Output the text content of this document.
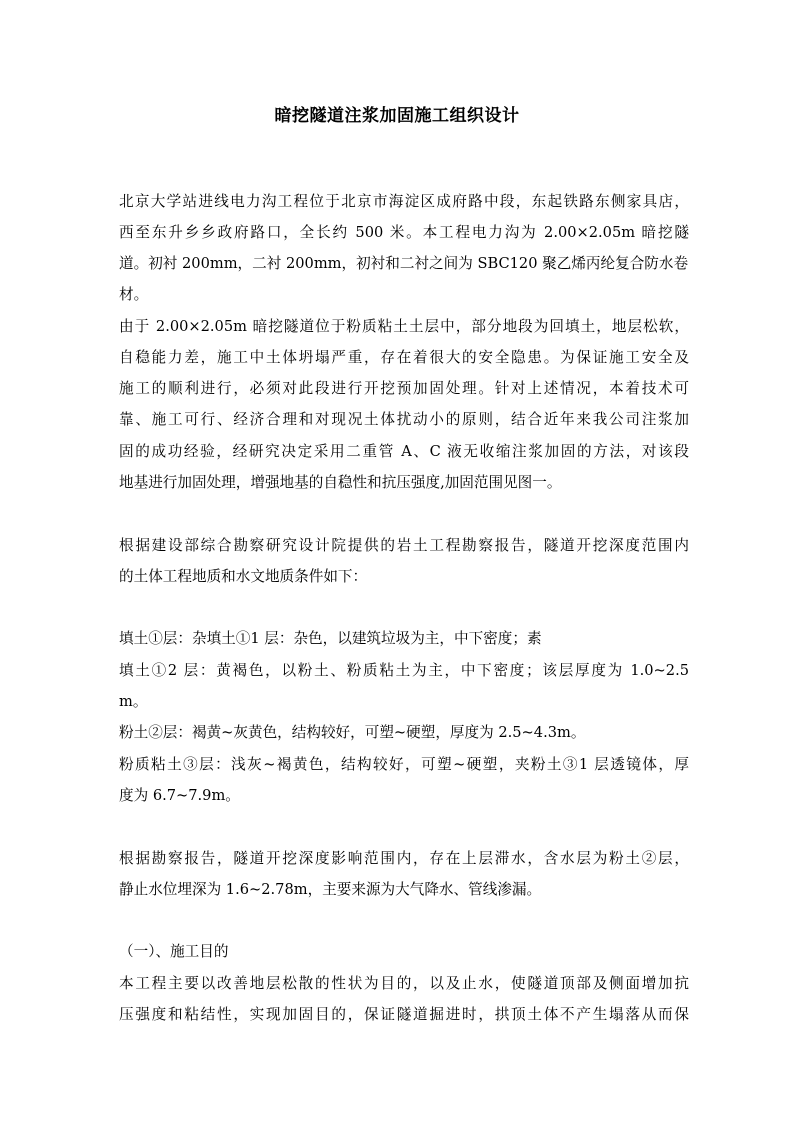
暗挖隧道注浆加固施工组织设计
北京大学站进线电力沟工程位于北京市海淀区成府路中段，东起铁路东侧家具店，
西至东升乡乡政府路口，全长约 500 米。本工程电力沟为 2.00×2.05m 暗挖隧
道。初衬 200mm，二衬 200mm，初衬和二衬之间为 SBC120 聚乙烯丙纶复合防水卷
材。
由于 2.00×2.05m 暗挖隧道位于粉质粘土土层中，部分地段为回填土，地层松软，
自稳能力差，施工中土体坍塌严重，存在着很大的安全隐患。为保证施工安全及
施工的顺利进行，必须对此段进行开挖预加固处理。针对上述情况，本着技术可
靠、施工可行、经济合理和对现况土体扰动小的原则，结合近年来我公司注浆加
固的成功经验，经研究决定采用二重管 A、C 液无收缩注浆加固的方法，对该段
地基进行加固处理，增强地基的自稳性和抗压强度,加固范围见图一。
根据建设部综合勘察研究设计院提供的岩土工程勘察报告，隧道开挖深度范围内
的土体工程地质和水文地质条件如下：
填土①层：杂填土①1 层：杂色，以建筑垃圾为主，中下密度；素
填土①2 层：黄褐色，以粉土、粉质粘土为主，中下密度；该层厚度为 1.0~2.5
m。
粉土②层：褐黄~灰黄色，结构较好，可塑~硬塑，厚度为 2.5~4.3m。
粉质粘土③层：浅灰~褐黄色，结构较好，可塑~硬塑，夹粉土③1 层透镜体，厚
度为 6.7~7.9m。
根据勘察报告，隧道开挖深度影响范围内，存在上层滞水，含水层为粉土②层，
静止水位埋深为 1.6~2.78m，主要来源为大气降水、管线渗漏。
（一）、施工目的
本工程主要以改善地层松散的性状为目的，以及止水，使隧道顶部及侧面增加抗
压强度和粘结性，实现加固目的，保证隧道掘进时，拱顶土体不产生塌落从而保
